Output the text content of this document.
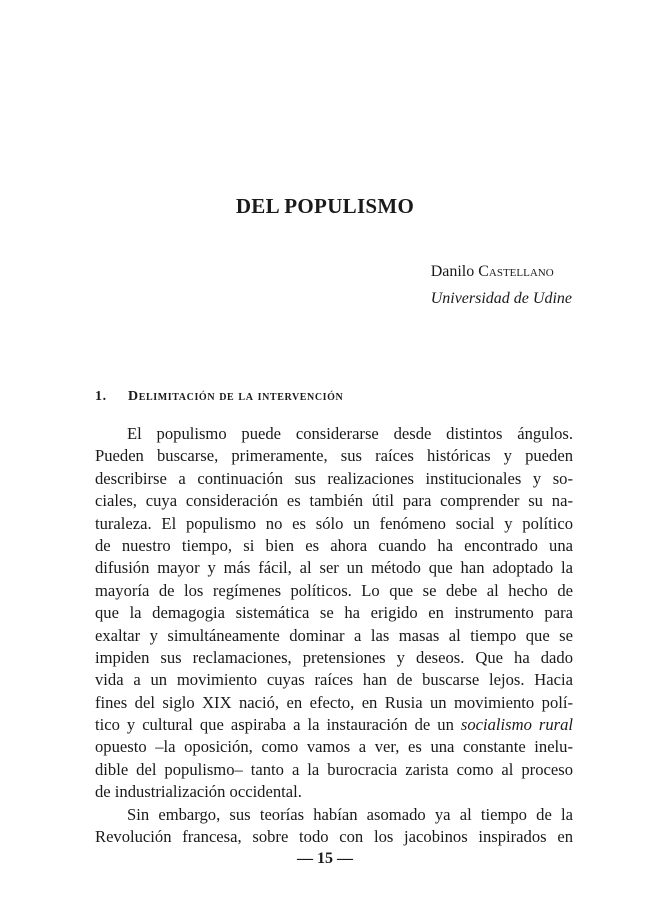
DEL POPULISMO
Danilo Castellano
Universidad de Udine
1. Delimitación de la intervención
El populismo puede considerarse desde distintos ángulos.
Pueden buscarse, primeramente, sus raíces históricas y pueden
describirse a continuación sus realizaciones institucionales y so-
ciales, cuya consideración es también útil para comprender su na-
turaleza. El populismo no es sólo un fenómeno social y político
de nuestro tiempo, si bien es ahora cuando ha encontrado una
difusión mayor y más fácil, al ser un método que han adoptado la
mayoría de los regímenes políticos. Lo que se debe al hecho de
que la demagogia sistemática se ha erigido en instrumento para
exaltar y simultáneamente dominar a las masas al tiempo que se
impiden sus reclamaciones, pretensiones y deseos. Que ha dado
vida a un movimiento cuyas raíces han de buscarse lejos. Hacia
fines del siglo XIX nació, en efecto, en Rusia un movimiento polí-
tico y cultural que aspiraba a la instauración de un socialismo rural
opuesto –la oposición, como vamos a ver, es una constante inelu-
dible del populismo– tanto a la burocracia zarista como al proceso
de industrialización occidental.
Sin embargo, sus teorías habían asomado ya al tiempo de la
Revolución francesa, sobre todo con los jacobinos inspirados en
— 15 —
